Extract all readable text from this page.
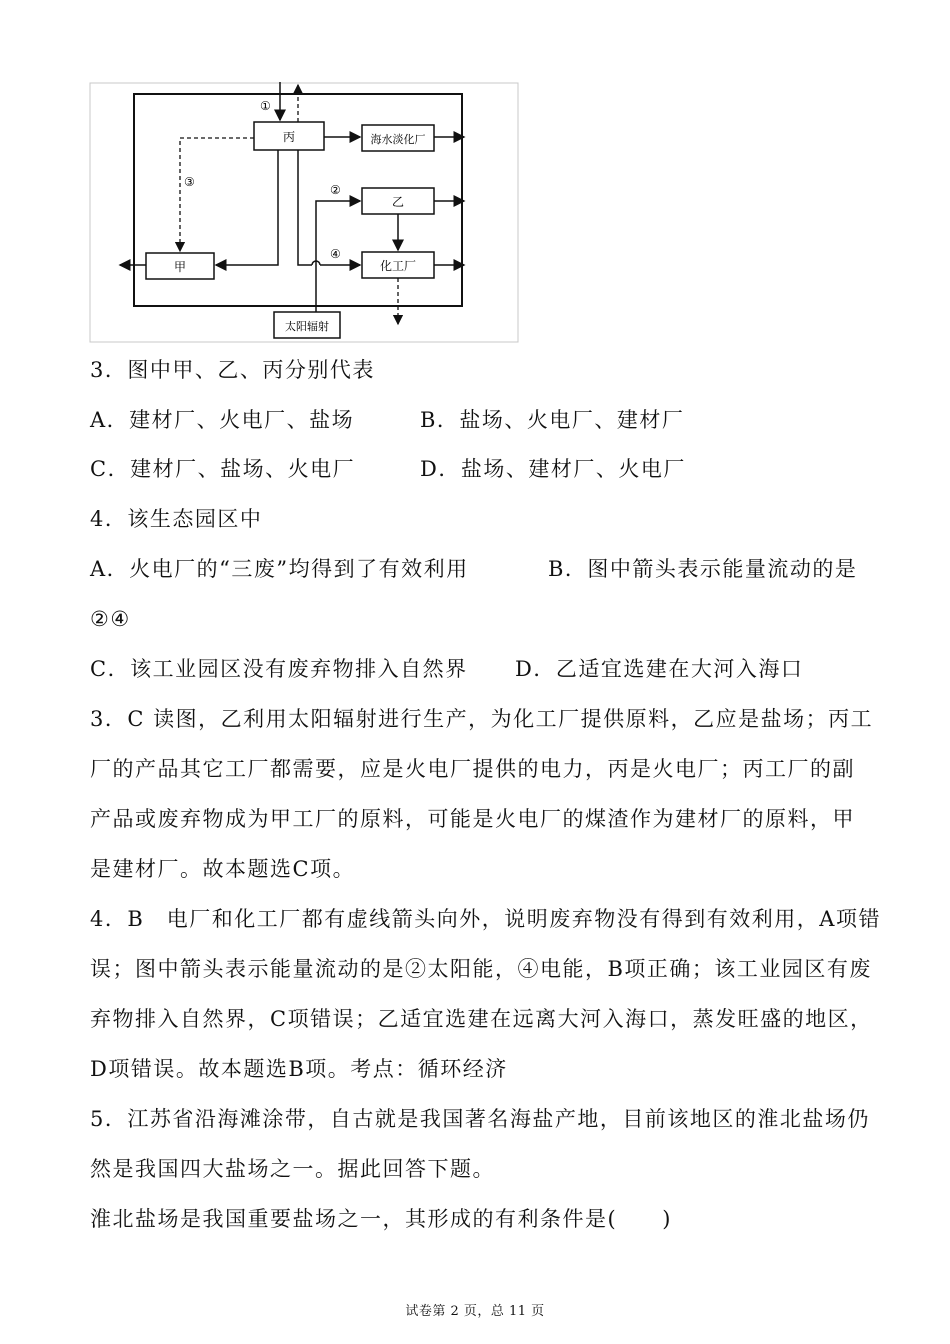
丙	海水淡化厂
乙
化工厂
甲
太阳辐射
①
③
④
②
3．图中甲、乙、丙分别代表
A．建材厂、火电厂、盐场	B．盐场、火电厂、建材厂
C．建材厂、盐场、火电厂	D．盐场、建材厂、火电厂
4．该生态园区中
A．火电厂的“三废”均得到了有效利用	B．图中箭头表示能量流动的是
②④
C．该工业园区没有废弃物排入自然界 D．乙适宜选建在大河入海口
3．C 读图，乙利用太阳辐射进行生产，为化工厂提供原料，乙应是盐场；丙工
厂的产品其它工厂都需要，应是火电厂提供的电力，丙是火电厂；丙工厂的副
产品或废弃物成为甲工厂的原料，可能是火电厂的煤渣作为建材厂的原料，甲
是建材厂。故本题选C项。
4．B　电厂和化工厂都有虚线箭头向外，说明废弃物没有得到有效利用，A项错
误；图中箭头表示能量流动的是②太阳能，④电能，B项正确；该工业园区有废
弃物排入自然界，C项错误；乙适宜选建在远离大河入海口，蒸发旺盛的地区，
D项错误。故本题选B项。考点：循环经济
5．江苏省沿海滩涂带，自古就是我国著名海盐产地，目前该地区的淮北盐场仍
然是我国四大盐场之一。据此回答下题。
淮北盐场是我国重要盐场之一，其形成的有利条件是(　　)
试卷第 2 页，总 11 页
